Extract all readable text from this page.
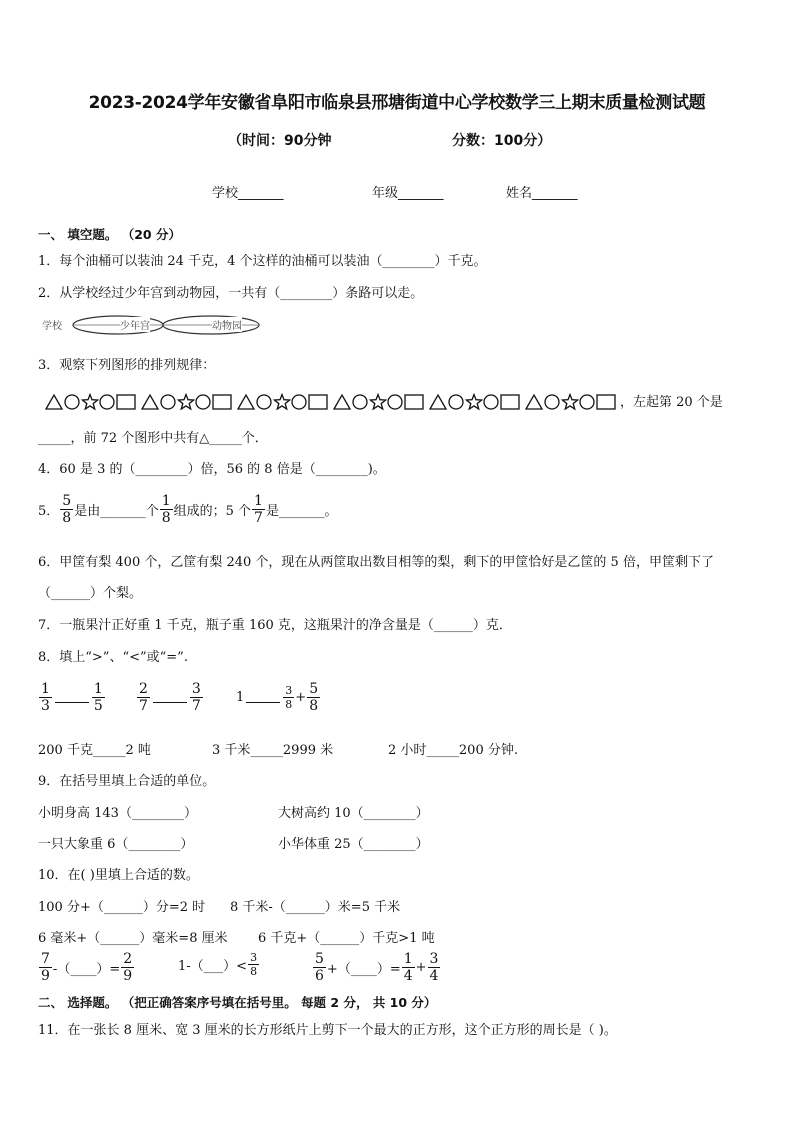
2023-2024学年安徽省阜阳市临泉县邢塘街道中心学校数学三上期末质量检测试题
（时间：90分钟	分数：100分）
学校_______	年级_______	姓名_______
一、 填空题。 （20 分）
1．每个油桶可以装油 24 千克，4 个这样的油桶可以装油（________）千克。
2．从学校经过少年宫到动物园，一共有（________）条路可以走。
学校	少年宫	动物园
3．观察下列图形的排列规律：
，左起第 20 个是
_____，前 72 个图形中共有△_____个．
4．60 是 3 的（________）倍，56 的 8 倍是（________)。
5． $\frac{5}{8}$ 是由_______个 $\frac{1}{8}$ 组成的；5 个 $\frac{1}{7}$ 是_______。
6．甲筐有梨 400 个，乙筐有梨 240 个，现在从两筐取出数目相等的梨，剩下的甲筐恰好是乙筐的 5 倍，甲筐剩下了
（______）个梨。
7．一瓶果汁正好重 1 千克，瓶子重 160 克，这瓶果汁的净含量是（______）克．
8．填上“>”、“<”或“=”.
$\frac{1}{3}$	$\frac{1}{5} \frac{2}{7}$	$\frac{3}{7}$	1	$\frac{3}{8} + \frac{5}{8}$
200 千克_____2 吨	3 千米_____2999 米	2 小时_____200 分钟.
9．在括号里填上合适的单位。
小明身高 143（________）	大树高约 10（________）
一只大象重 6（________）	小华体重 25（________）
10．在( )里填上合适的数。
100 分+（______）分=2 时 8 千米-（______）米=5 千米
6 毫米+（______）毫米=8 厘米 6 千克+（______）千克>1 吨
$\frac{7}{9}$ -（____）= $\frac{2}{9}$	1-（___）< $\frac{3}{8}$	$\frac{5}{6}$ +（____）= $\frac{1}{4} + \frac{3}{4}$
二、 选择题。 （把正确答案序号填在括号里。 每题 2 分， 共 10 分）
11．在一张长 8 厘米、宽 3 厘米的长方形纸片上剪下一个最大的正方形，这个正方形的周长是（ )。
